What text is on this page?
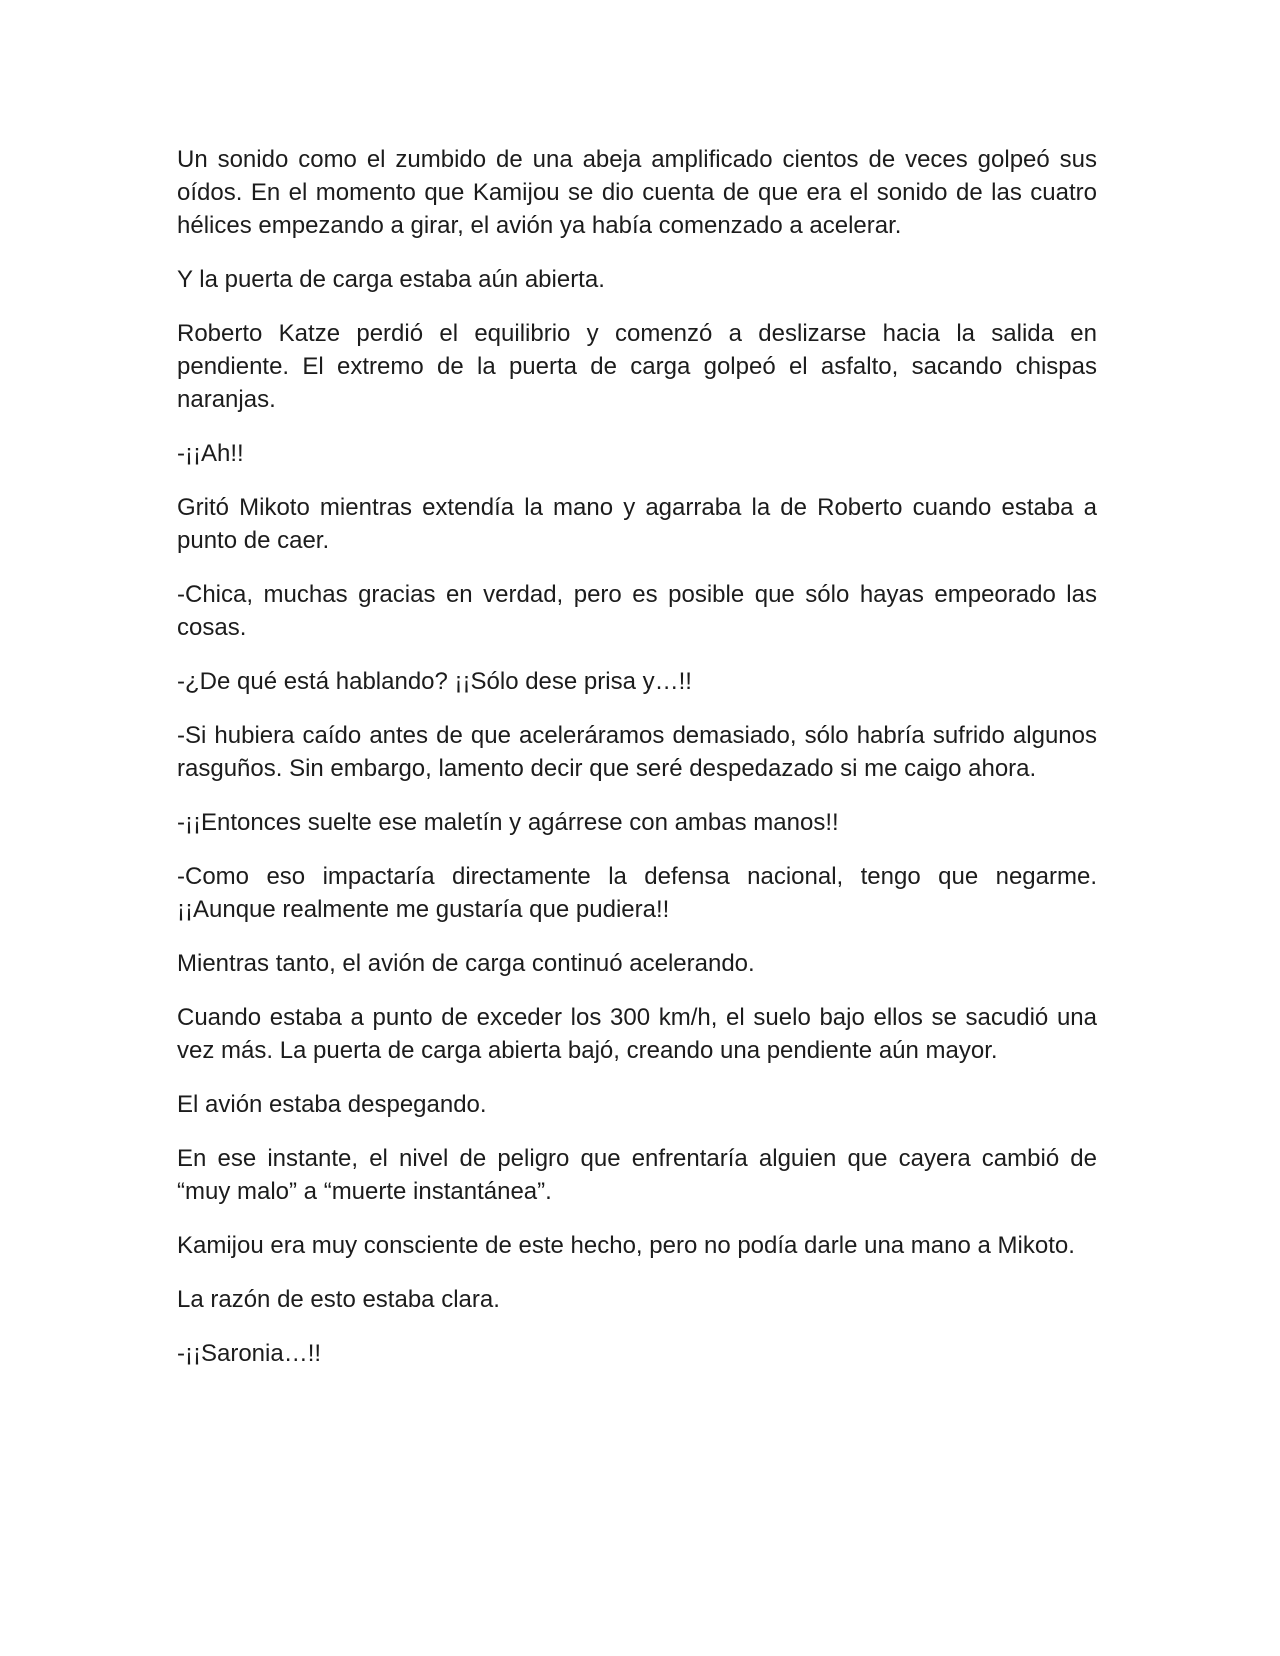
Un sonido como el zumbido de una abeja amplificado cientos de veces golpeó sus oídos. En el momento que Kamijou se dio cuenta de que era el sonido de las cuatro hélices empezando a girar, el avión ya había comenzado a acelerar.

Y la puerta de carga estaba aún abierta.

Roberto Katze perdió el equilibrio y comenzó a deslizarse hacia la salida en pendiente. El extremo de la puerta de carga golpeó el asfalto, sacando chispas naranjas.

-¡¡Ah!!

Gritó Mikoto mientras extendía la mano y agarraba la de Roberto cuando estaba a punto de caer.

-Chica, muchas gracias en verdad, pero es posible que sólo hayas empeorado las cosas.

-¿De qué está hablando? ¡¡Sólo dese prisa y…!!

-Si hubiera caído antes de que aceleráramos demasiado, sólo habría sufrido algunos rasguños. Sin embargo, lamento decir que seré despedazado si me caigo ahora.

-¡¡Entonces suelte ese maletín y agárrese con ambas manos!!

-Como eso impactaría directamente la defensa nacional, tengo que negarme. ¡¡Aunque realmente me gustaría que pudiera!!

Mientras tanto, el avión de carga continuó acelerando.

Cuando estaba a punto de exceder los 300 km/h, el suelo bajo ellos se sacudió una vez más. La puerta de carga abierta bajó, creando una pendiente aún mayor.

El avión estaba despegando.

En ese instante, el nivel de peligro que enfrentaría alguien que cayera cambió de “muy malo” a “muerte instantánea”.

Kamijou era muy consciente de este hecho, pero no podía darle una mano a Mikoto.

La razón de esto estaba clara.

-¡¡Saronia…!!
